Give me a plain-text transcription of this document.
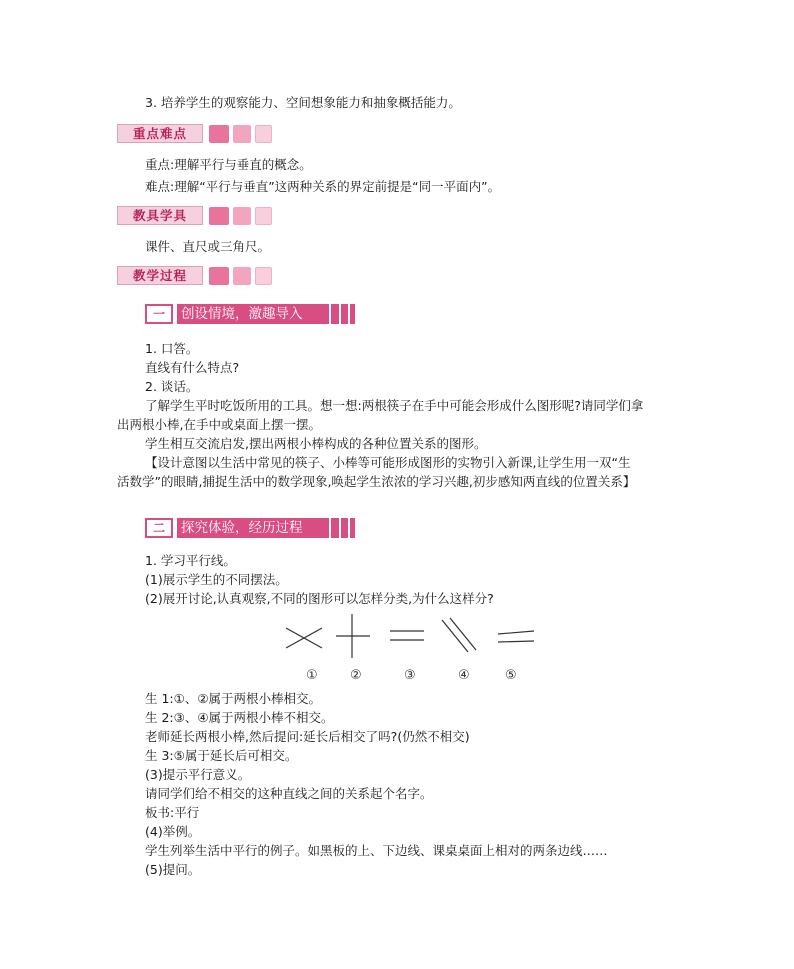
3. 培养学生的观察能力、空间想象能力和抽象概括能力。
重点难点
重点:理解平行与垂直的概念。
难点:理解“平行与垂直”这两种关系的界定前提是“同一平面内”。
教具学具
课件、直尺或三角尺。
教学过程
一	创设情境，激趣导入
1. 口答。
直线有什么特点?
2. 谈话。
了解学生平时吃饭所用的工具。想一想:两根筷子在手中可能会形成什么图形呢?请同学们拿
出两根小棒,在手中或桌面上摆一摆。
学生相互交流启发,摆出两根小棒构成的各种位置关系的图形。
【设计意图以生活中常见的筷子、小棒等可能形成图形的实物引入新课,让学生用一双“生
活数学”的眼睛,捕捉生活中的数学现象,唤起学生浓浓的学习兴趣,初步感知两直线的位置关系】
二	探究体验，经历过程
1. 学习平行线。
(1)展示学生的不同摆法。
(2)展开讨论,认真观察,不同的图形可以怎样分类,为什么这样分?
① ②	③	④	⑤
生 1:①、②属于两根小棒相交。
生 2:③、④属于两根小棒不相交。
老师延长两根小棒,然后提问:延长后相交了吗?(仍然不相交)
生 3:⑤属于延长后可相交。
(3)提示平行意义。
请同学们给不相交的这种直线之间的关系起个名字。
板书:平行
(4)举例。
学生列举生活中平行的例子。如黑板的上、下边线、课桌桌面上相对的两条边线……
(5)提问。
